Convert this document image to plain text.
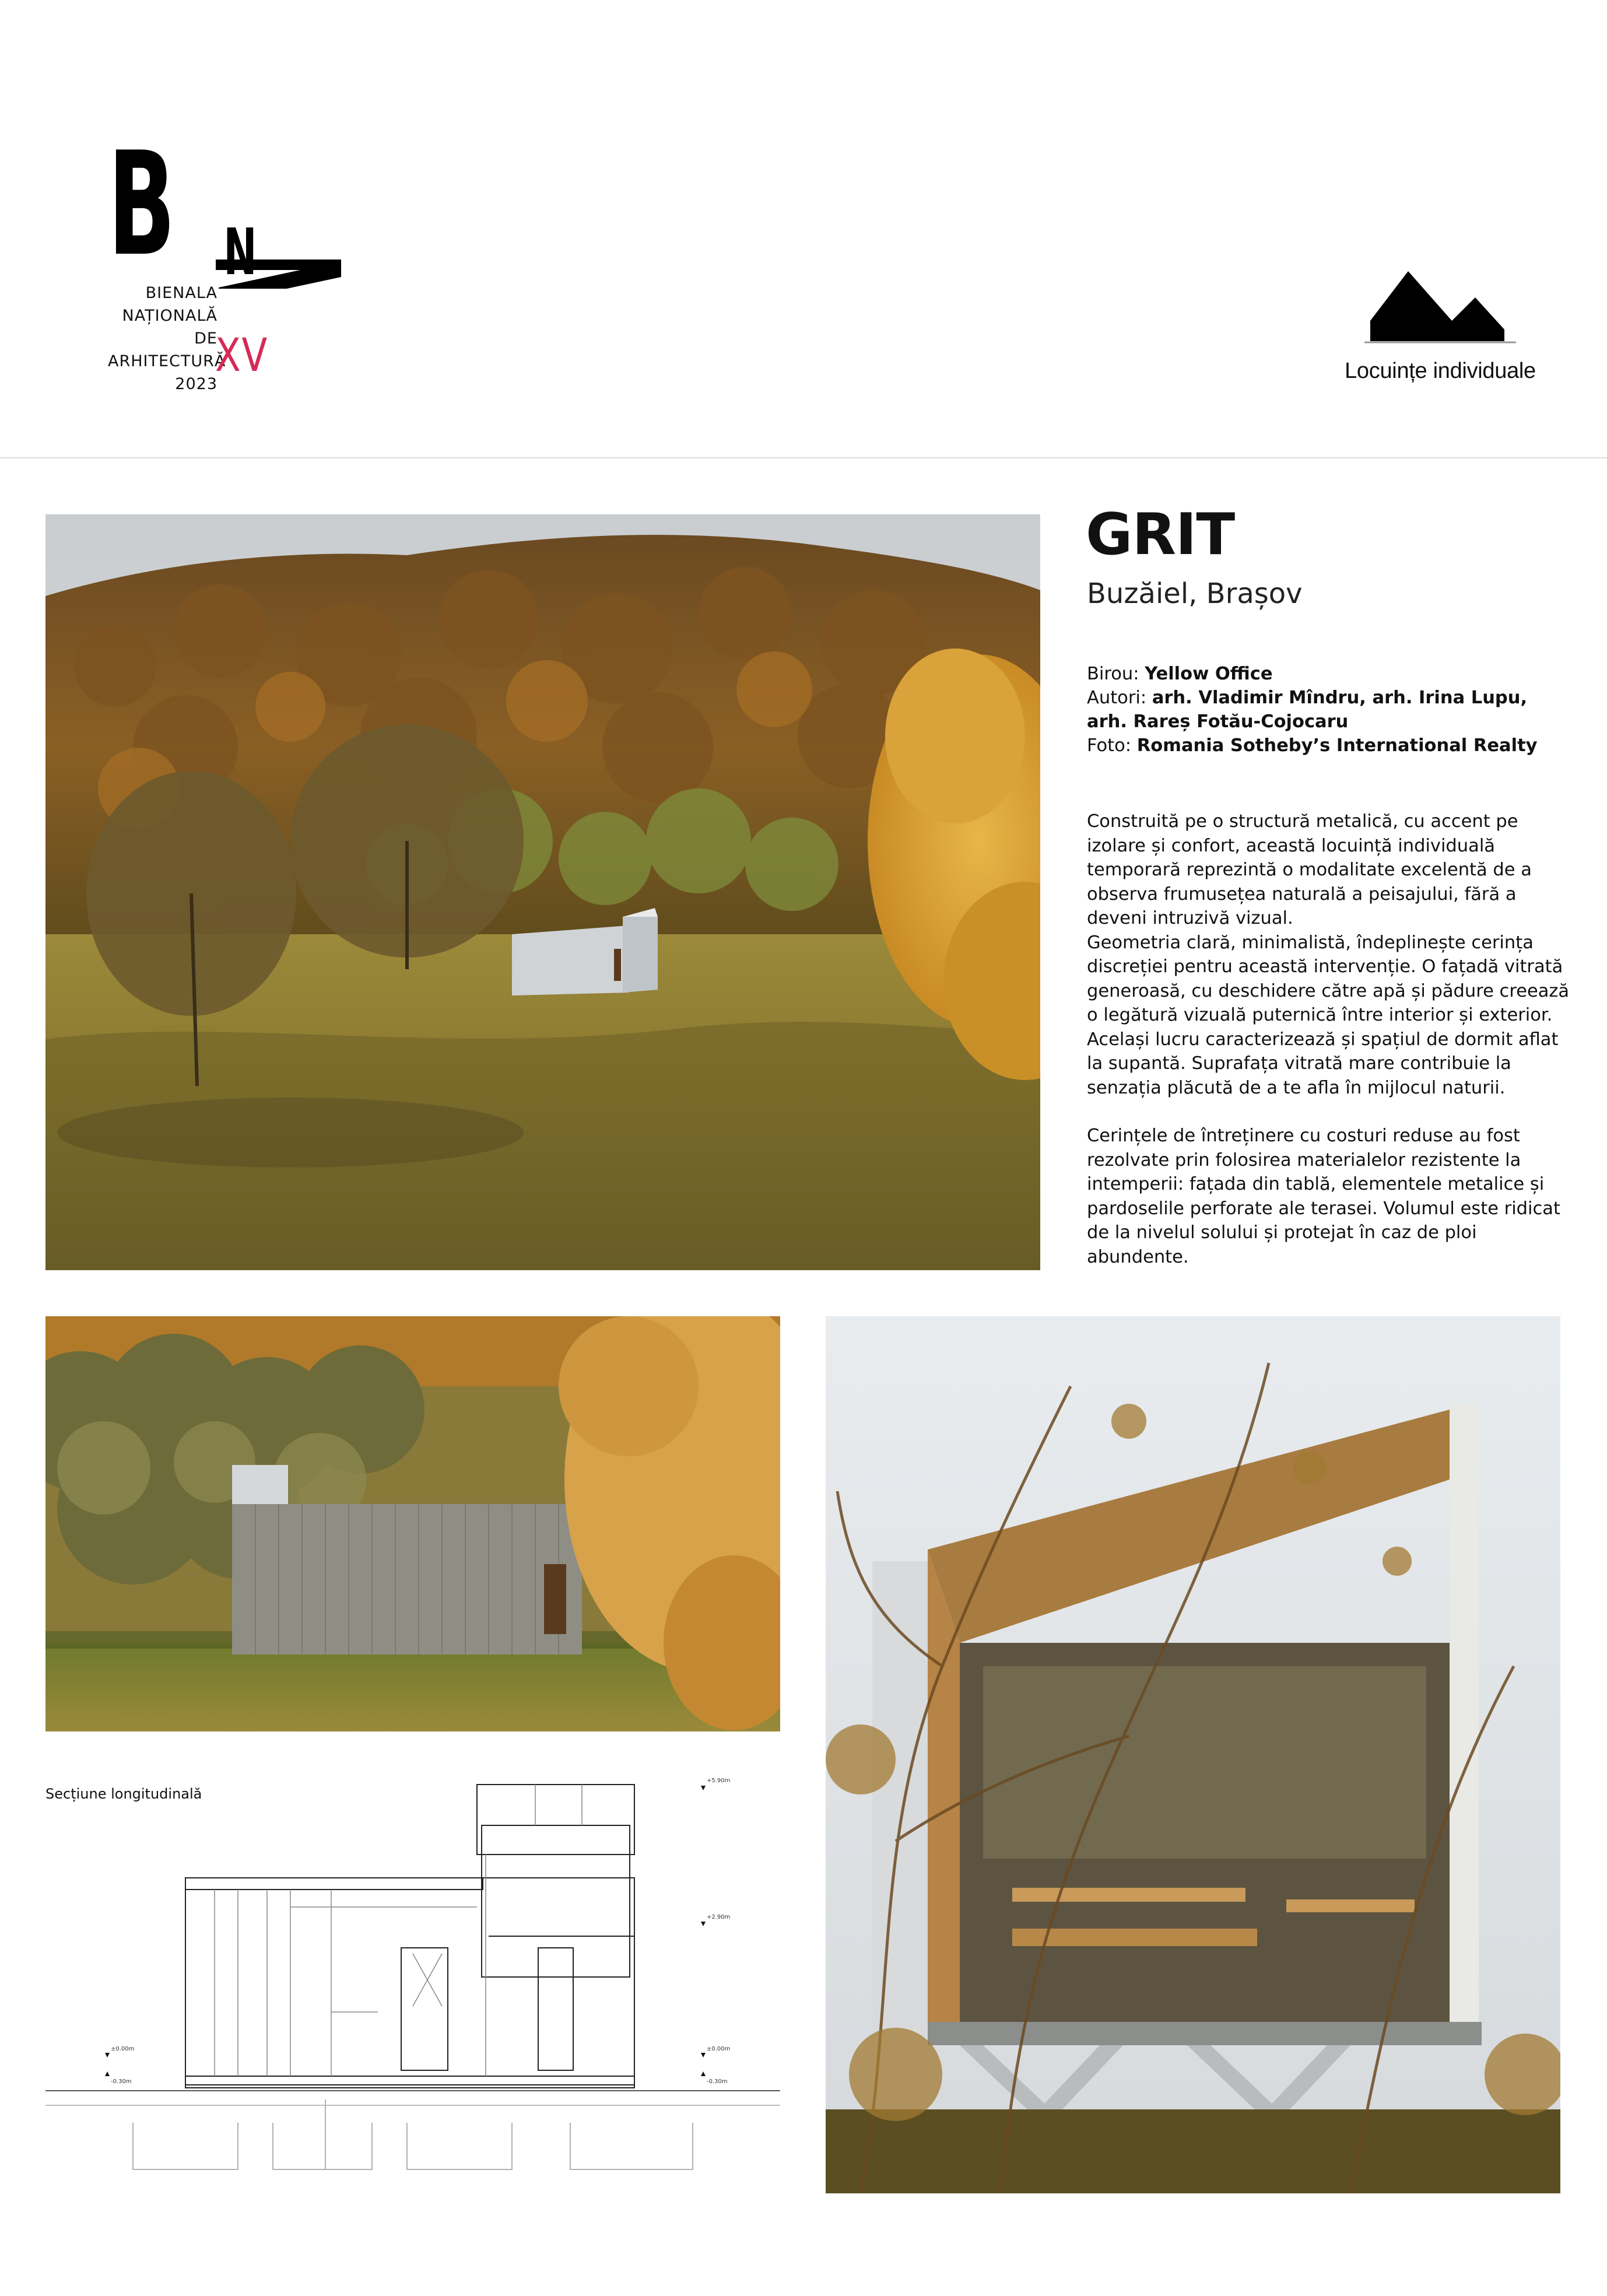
B N
BIENALA
NAȚIONALĂ
DE
ARHITECTURĂ
2023
XV	Locuințe individuale
GRIT
Buzăiel, Brașov
Birou: Yellow Office
Autori: arh. Vladimir Mîndru, arh. Irina Lupu,
arh. Rareș Fotău-Cojocaru
Foto: Romania Sotheby’s International Realty

Construită pe o structură metalică, cu accent pe izolare și confort, această locuință individuală temporară reprezintă o modalitate excelentă de a observa frumusețea naturală a peisajului, fără a deveni intruzivă vizual.

Geometria clară, minimalistă, îndeplinește cerința discreției pentru această intervenție. O fațadă vitrată generoasă, cu deschidere către apă și pădure creează o legătură vizuală puternică între interior și exterior. Același lucru caracterizează și spațiul de dormit aflat la supantă. Suprafața vitrată mare contribuie la senzația plăcută de a te afla în mijlocul naturii.

Cerințele de întreținere cu costuri reduse au fost rezolvate prin folosirea materialelor rezistente la intemperii: fațada din tablă, elementele metalice și pardoselile perforate ale terasei. Volumul este ridicat de la nivelul solului și protejat în caz de ploi abundente.

Secțiune longitudinală
+5.90m
+2.90m
±0.00m
-0.30m
±0.00m
-0.30m
